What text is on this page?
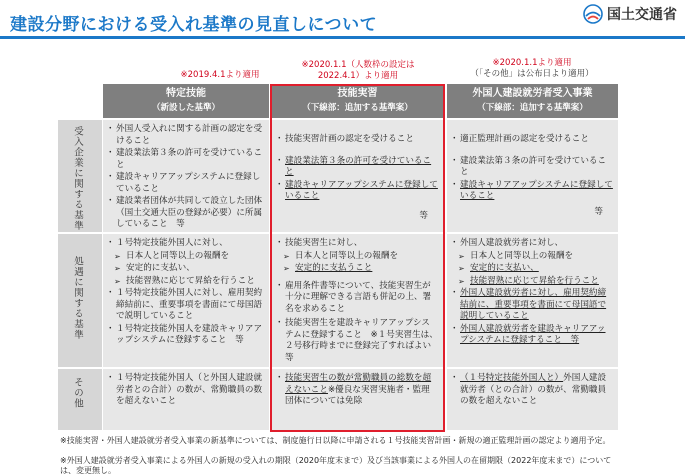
建設分野における受入れ基準の見直しについて	国土交通省
※2019.4.1より適用
※2020.1.1（人数枠の設定は
2022.4.1）より適用
※2020.1.1より適用
（「その他」は公布日より適用）
特定技能
（新設した基準）
技能実習
（下線部：追加する基準案）
外国人建設就労者受入事業
（下線部：追加する基準案）
受入企業に関する基準
処遇に関する基準
その他
・ 外国人受入れに関する計画の認定を受けること
・ 建設業法第３条の許可を受けていること
・ 建設キャリアアップシステムに登録していること
・ 建設業者団体が共同して設立した団体（国土交通大臣の登録が必要）に所属していること　等
・ 技能実習計画の認定を受けること
・ 建設業法第３条の許可を受けていること
・ 建設キャリアアップシステムに登録していること
等
・ 適正監理計画の認定を受けること
・ 建設業法第３条の許可を受けていること
・ 建設キャリアアップシステムに登録していること
等
・ １号特定技能外国人に対し、
➢ 日本人と同等以上の報酬を
➢ 安定的に支払い、
➢ 技能習熟に応じて昇給を行うこと
・ １号特定技能外国人に対し、雇用契約締結前に、重要事項を書面にて母国語で説明していること
・ １号特定技能外国人を建設キャリアアップシステムに登録すること　等
・ 技能実習生に対し、
➢ 日本人と同等以上の報酬を
➢ 安定的に支払うこと
・ 雇用条件書等について、技能実習生が十分に理解できる言語も併記の上、署名を求めること
・ 技能実習生を建設キャリアアップシステムに登録すること　※１号実習生は、２号移行時までに登録完了すればよい　等
・ 外国人建設就労者に対し、
➢ 日本人と同等以上の報酬を
➢ 安定的に支払い、
➢ 技能習熟に応じて昇給を行うこと
・ 外国人建設就労者に対し、雇用契約締結前に、重要事項を書面にて母国語で説明していること
・ 外国人建設就労者を建設キャリアアップシステムに登録すること　等
・ １号特定技能外国人（と外国人建設就労者との合計）の数が、常勤職員の数を超えないこと
・ 技能実習生の数が常勤職員の総数を超えないこと※優良な実習実施者・監理団体については免除
・ （１号特定技能外国人と）外国人建設就労者（との合計）の数が、常勤職員の数を超えないこと
※技能実習・外国人建設就労者受入事業の新基準については、制度施行日以降に申請される１号技能実習計画・新規の適正監理計画の認定より適用予定。
※外国人建設就労者受入事業による外国人の新規の受入れの期限（2020年度末まで）及び当該事業による外国人の在留期限（2022年度末まで）については、変更無し。
